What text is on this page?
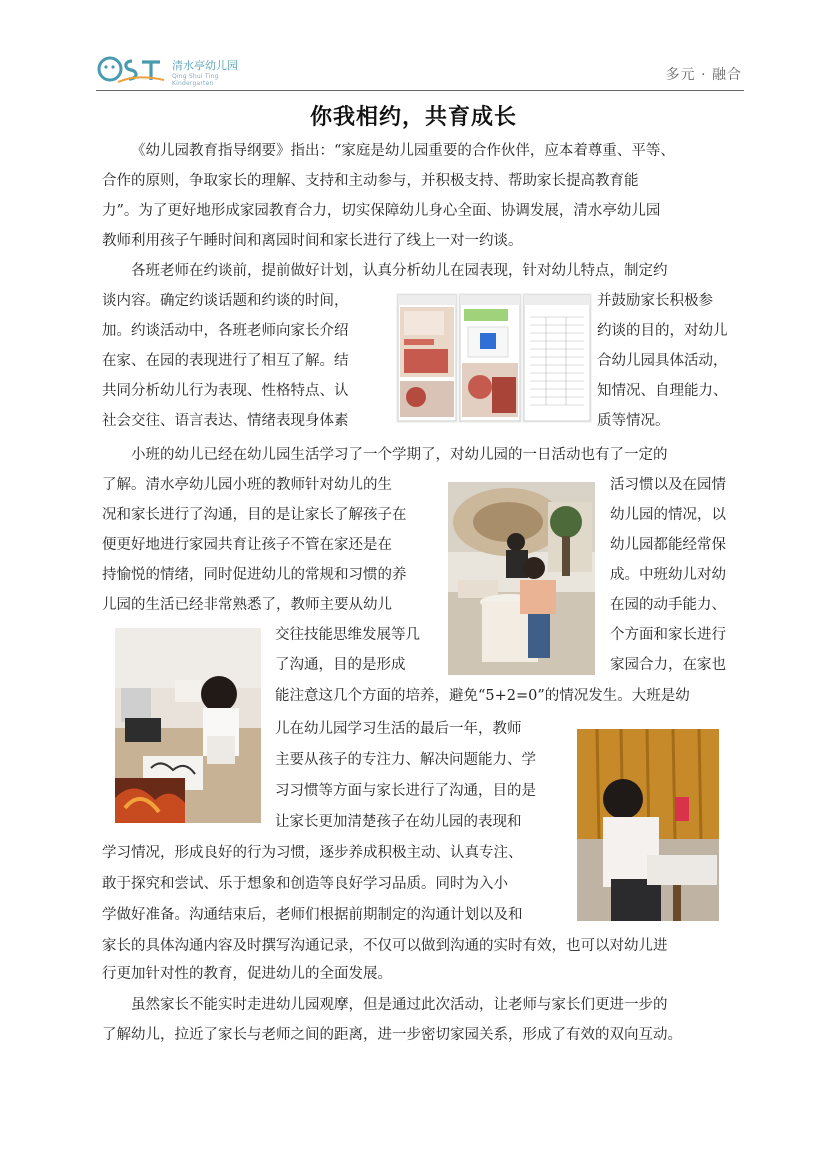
清水亭幼儿园
Qing Shui Ting Kindergarten
多元 · 融合
你我相约，共育成长
《幼儿园教育指导纲要》指出：“家庭是幼儿园重要的合作伙伴，应本着尊重、平等、
合作的原则，争取家长的理解、支持和主动参与，并积极支持、帮助家长提高教育能
力”。为了更好地形成家园教育合力，切实保障幼儿身心全面、协调发展，清水亭幼儿园
教师利用孩子午睡时间和离园时间和家长进行了线上一对一约谈。
各班老师在约谈前，提前做好计划，认真分析幼儿在园表现，针对幼儿特点，制定约
谈内容。确定约谈话题和约谈的时间，	并鼓励家长积极参
加。约谈活动中，各班老师向家长介绍	约谈的目的，对幼儿
在家、在园的表现进行了相互了解。结	合幼儿园具体活动，
共同分析幼儿行为表现、性格特点、认	知情况、自理能力、
社会交往、语言表达、情绪表现身体素	质等情况。
小班的幼儿已经在幼儿园生活学习了一个学期了，对幼儿园的一日活动也有了一定的
了解。清水亭幼儿园小班的教师针对幼儿的生	活习惯以及在园情
况和家长进行了沟通，目的是让家长了解孩子在	幼儿园的情况，以
便更好地进行家园共育让孩子不管在家还是在	幼儿园都能经常保
持愉悦的情绪，同时促进幼儿的常规和习惯的养	成。中班幼儿对幼
儿园的生活已经非常熟悉了，教师主要从幼儿	在园的动手能力、
交往技能思维发展等几	个方面和家长进行
了沟通，目的是形成	家园合力，在家也
能注意这几个方面的培养，避免“5+2=0”的情况发生。大班是幼
儿在幼儿园学习生活的最后一年，教师
主要从孩子的专注力、解决问题能力、学
习习惯等方面与家长进行了沟通，目的是
让家长更加清楚孩子在幼儿园的表现和
学习情况，形成良好的行为习惯，逐步养成积极主动、认真专注、
敢于探究和尝试、乐于想象和创造等良好学习品质。同时为入小
学做好准备。沟通结束后，老师们根据前期制定的沟通计划以及和
家长的具体沟通内容及时撰写沟通记录，不仅可以做到沟通的实时有效，也可以对幼儿进
行更加针对性的教育，促进幼儿的全面发展。
虽然家长不能实时走进幼儿园观摩，但是通过此次活动，让老师与家长们更进一步的
了解幼儿，拉近了家长与老师之间的距离，进一步密切家园关系，形成了有效的双向互动。
